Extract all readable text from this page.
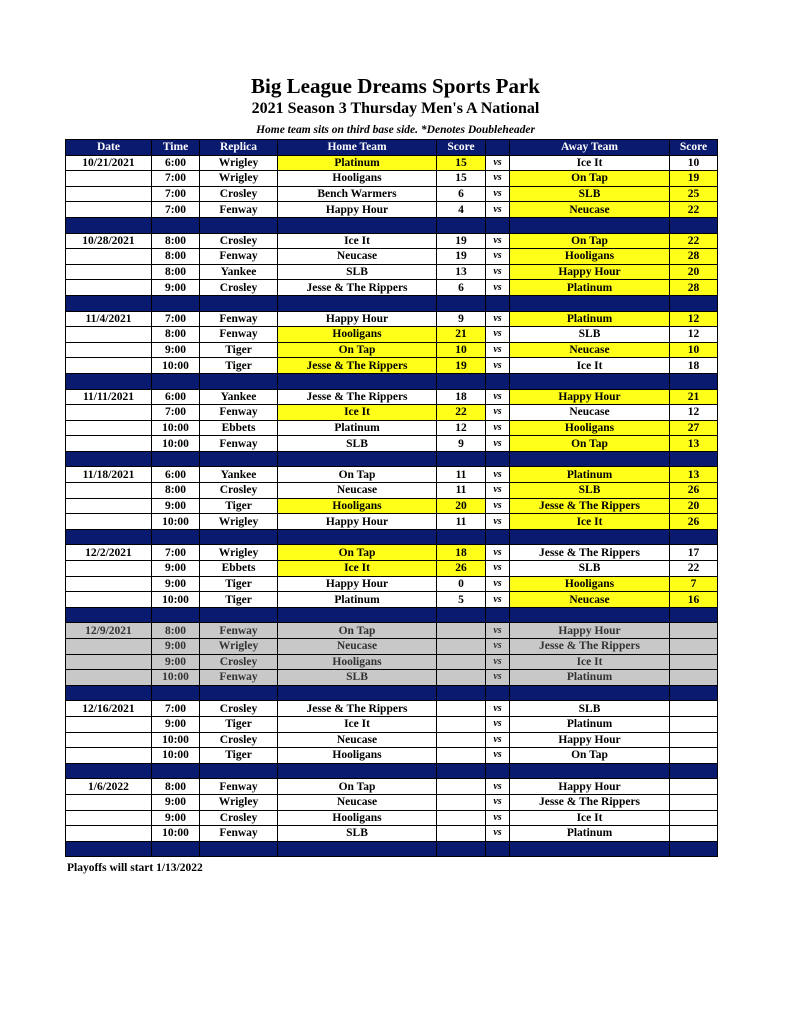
Big League Dreams Sports Park
2021 Season 3 Thursday Men's A National
Home team sits on third base side. *Denotes Doubleheader
Date	Time	Replica	Home Team	Score		Away Team	Score
10/21/2021	6:00	Wrigley	Platinum	15	vs	Ice It	10
	7:00	Wrigley	Hooligans	15	vs	On Tap	19
	7:00	Crosley	Bench Warmers	6	vs	SLB	25
	7:00	Fenway	Happy Hour	4	vs	Neucase	22

10/28/2021	8:00	Crosley	Ice It	19	vs	On Tap	22
	8:00	Fenway	Neucase	19	vs	Hooligans	28
	8:00	Yankee	SLB	13	vs	Happy Hour	20
	9:00	Crosley	Jesse & The Rippers	6	vs	Platinum	28

11/4/2021	7:00	Fenway	Happy Hour	9	vs	Platinum	12
	8:00	Fenway	Hooligans	21	vs	SLB	12
	9:00	Tiger	On Tap	10	vs	Neucase	10
	10:00	Tiger	Jesse & The Rippers	19	vs	Ice It	18

11/11/2021	6:00	Yankee	Jesse & The Rippers	18	vs	Happy Hour	21
	7:00	Fenway	Ice It	22	vs	Neucase	12
	10:00	Ebbets	Platinum	12	vs	Hooligans	27
	10:00	Fenway	SLB	9	vs	On Tap	13

11/18/2021	6:00	Yankee	On Tap	11	vs	Platinum	13
	8:00	Crosley	Neucase	11	vs	SLB	26
	9:00	Tiger	Hooligans	20	vs	Jesse & The Rippers	20
	10:00	Wrigley	Happy Hour	11	vs	Ice It	26

12/2/2021	7:00	Wrigley	On Tap	18	vs	Jesse & The Rippers	17
	9:00	Ebbets	Ice It	26	vs	SLB	22
	9:00	Tiger	Happy Hour	0	vs	Hooligans	7
	10:00	Tiger	Platinum	5	vs	Neucase	16

12/9/2021	8:00	Fenway	On Tap		vs	Happy Hour	
	9:00	Wrigley	Neucase		vs	Jesse & The Rippers	
	9:00	Crosley	Hooligans		vs	Ice It	
	10:00	Fenway	SLB		vs	Platinum	

12/16/2021	7:00	Crosley	Jesse & The Rippers		vs	SLB	
	9:00	Tiger	Ice It		vs	Platinum	
	10:00	Crosley	Neucase		vs	Happy Hour	
	10:00	Tiger	Hooligans		vs	On Tap	

1/6/2022	8:00	Fenway	On Tap		vs	Happy Hour	
	9:00	Wrigley	Neucase		vs	Jesse & The Rippers	
	9:00	Crosley	Hooligans		vs	Ice It	
	10:00	Fenway	SLB		vs	Platinum	

Playoffs will start 1/13/2022
